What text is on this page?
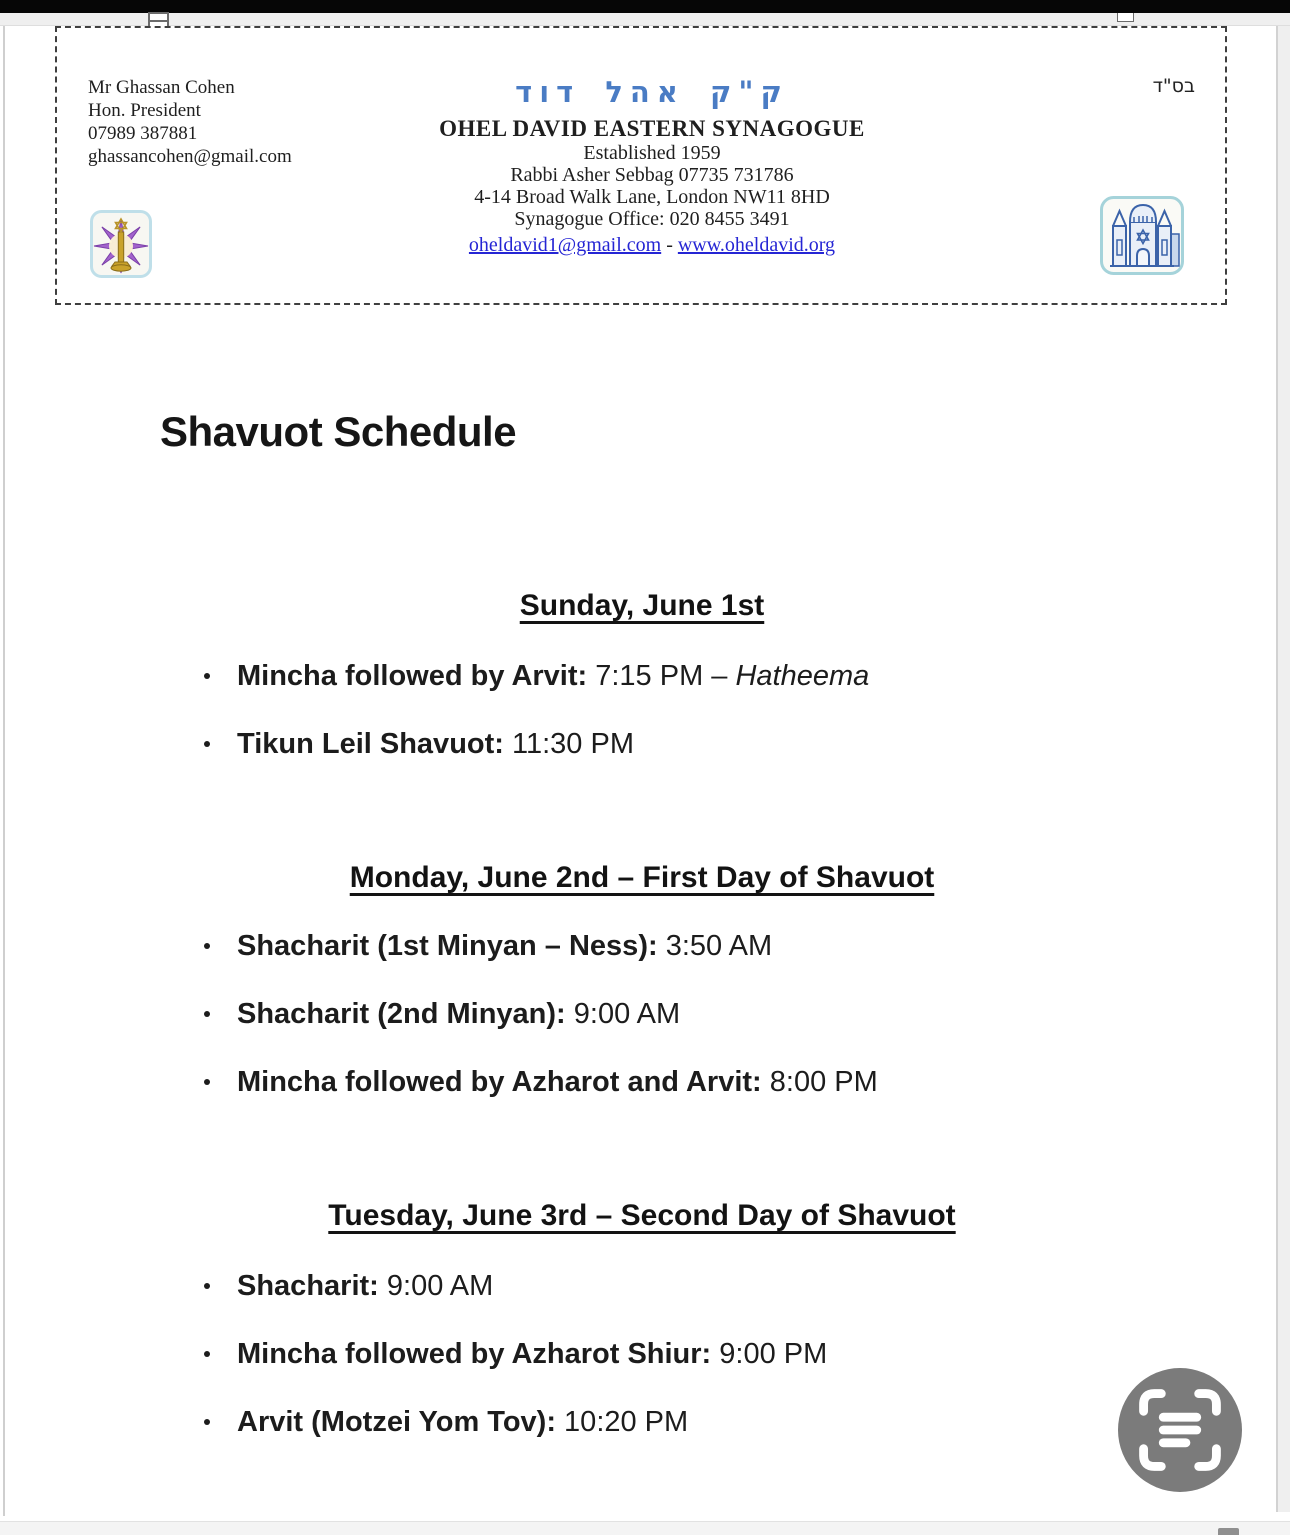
Mr Ghassan Cohen
Hon. President
07989 387881
ghassancohen@gmail.com
ק"ק אהל דוד
OHEL DAVID EASTERN SYNAGOGUE
Established 1959
Rabbi Asher Sebbag 07735 731786
4-14 Broad Walk Lane, London NW11 8HD
Synagogue Office: 020 8455 3491
oheldavid1@gmail.com - www.oheldavid.org
בס"ד
Shavuot Schedule
Sunday, June 1st
Mincha followed by Arvit: 7:15 PM – Hatheema
Tikun Leil Shavuot: 11:30 PM
Monday, June 2nd – First Day of Shavuot
Shacharit (1st Minyan – Ness): 3:50 AM
Shacharit (2nd Minyan): 9:00 AM
Mincha followed by Azharot and Arvit: 8:00 PM
Tuesday, June 3rd – Second Day of Shavuot
Shacharit: 9:00 AM
Mincha followed by Azharot Shiur: 9:00 PM
Arvit (Motzei Yom Tov): 10:20 PM
